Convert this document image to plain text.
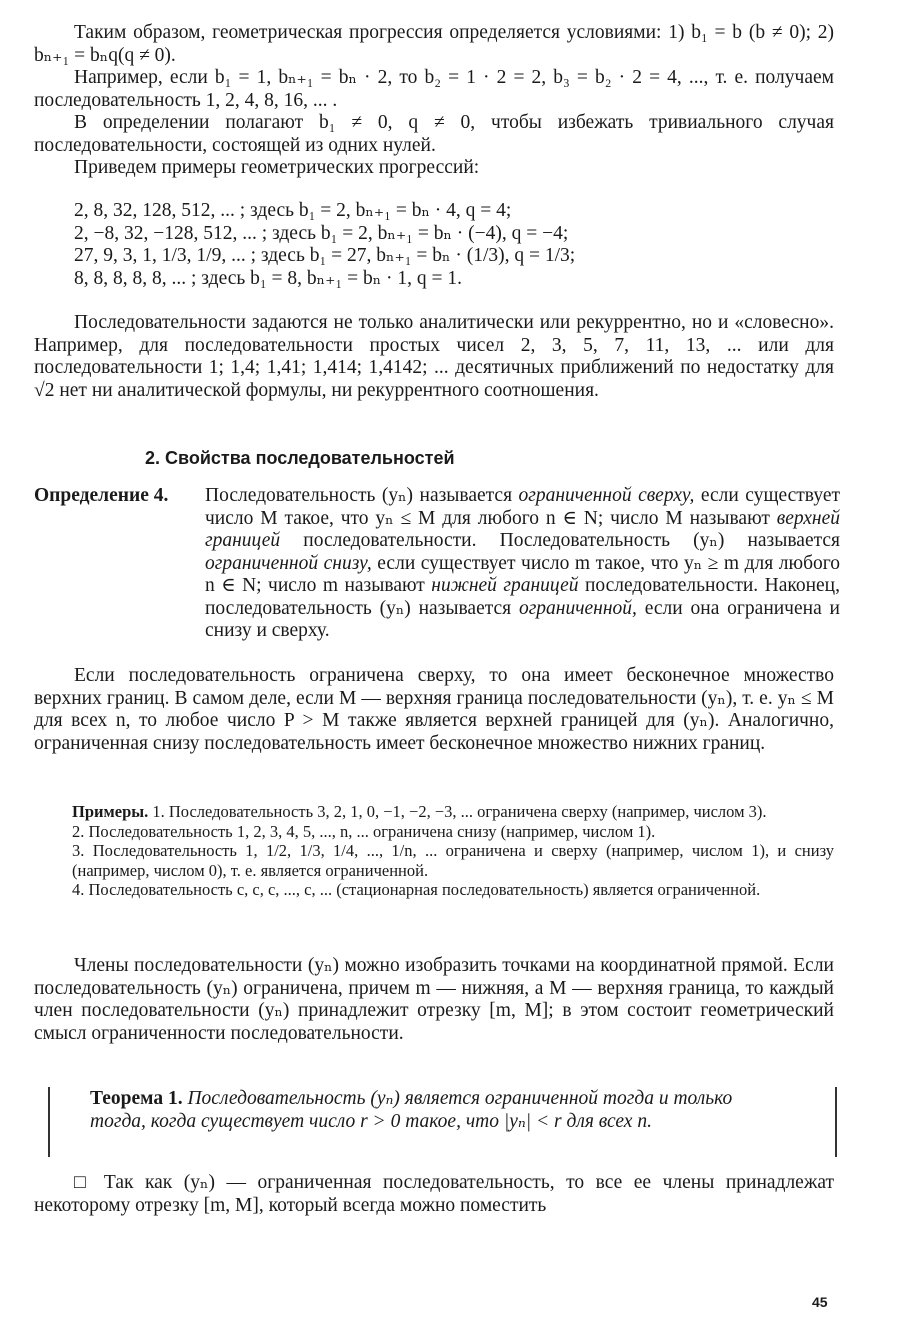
Таким образом, геометрическая прогрессия определяется условиями: 1) b₁ = b (b ≠ 0); 2) bₙ₊₁ = bₙq(q ≠ 0).

Например, если b₁ = 1, bₙ₊₁ = bₙ · 2, то b₂ = 1 · 2 = 2, b₃ = b₂ · 2 = 4, ..., т. е. получаем последовательность 1, 2, 4, 8, 16, ... .

В определении полагают b₁ ≠ 0, q ≠ 0, чтобы избежать тривиального случая последовательности, состоящей из одних нулей.

Приведем примеры геометрических прогрессий:

2, 8, 32, 128, 512, ... ; здесь b₁ = 2, bₙ₊₁ = bₙ · 4, q = 4;

2, −8, 32, −128, 512, ... ; здесь b₁ = 2, bₙ₊₁ = bₙ · (−4), q = −4;

27, 9, 3, 1, 1/3, 1/9, ... ; здесь b₁ = 27, bₙ₊₁ = bₙ · (1/3), q = 1/3;

8, 8, 8, 8, 8, ... ; здесь b₁ = 8, bₙ₊₁ = bₙ · 1, q = 1.

Последовательности задаются не только аналитически или рекуррентно, но и «словесно». Например, для последовательности простых чисел 2, 3, 5, 7, 11, 13, ... или для последовательности 1; 1,4; 1,41; 1,414; 1,4142; ... десятичных приближений по недостатку для √2 нет ни аналитической формулы, ни рекуррентного соотношения.

2. Свойства последовательностей
Определение 4. Последовательность (yₙ) называется ограниченной сверху, если существует число M такое, что yₙ ≤ M для любого n ∈ N; число M называют верхней границей последовательности. Последовательность (yₙ) называется ограниченной снизу, если существует число m такое, что yₙ ≥ m для любого n ∈ N; число m называют нижней границей последовательности. Наконец, последовательность (yₙ) называется ограниченной, если она ограничена и снизу и сверху.

Если последовательность ограничена сверху, то она имеет бесконечное множество верхних границ. В самом деле, если M — верхняя граница последовательности (yₙ), т. е. yₙ ≤ M для всех n, то любое число P > M также является верхней границей для (yₙ). Аналогично, ограниченная снизу последовательность имеет бесконечное множество нижних границ.

Примеры. 1. Последовательность 3, 2, 1, 0, −1, −2, −3, ... ограничена сверху (например, числом 3).

2. Последовательность 1, 2, 3, 4, 5, ..., n, ... ограничена снизу (например, числом 1).

3. Последовательность 1, 1/2, 1/3, 1/4, ..., 1/n, ... ограничена и сверху (например, числом 1), и снизу (например, числом 0), т. е. является ограниченной.

4. Последовательность c, c, c, ..., c, ... (стационарная последовательность) является ограниченной.

Члены последовательности (yₙ) можно изобразить точками на координатной прямой. Если последовательность (yₙ) ограничена, причем m — нижняя, а M — верхняя граница, то каждый член последовательности (yₙ) принадлежит отрезку [m, M]; в этом состоит геометрический смысл ограниченности последовательности.

Теорема 1. Последовательность (yₙ) является ограниченной тогда и только тогда, когда существует число r > 0 такое, что |yₙ| < r для всех n.

□ Так как (yₙ) — ограниченная последовательность, то все ее члены принадлежат некоторому отрезку [m, M], который всегда можно поместить

45
